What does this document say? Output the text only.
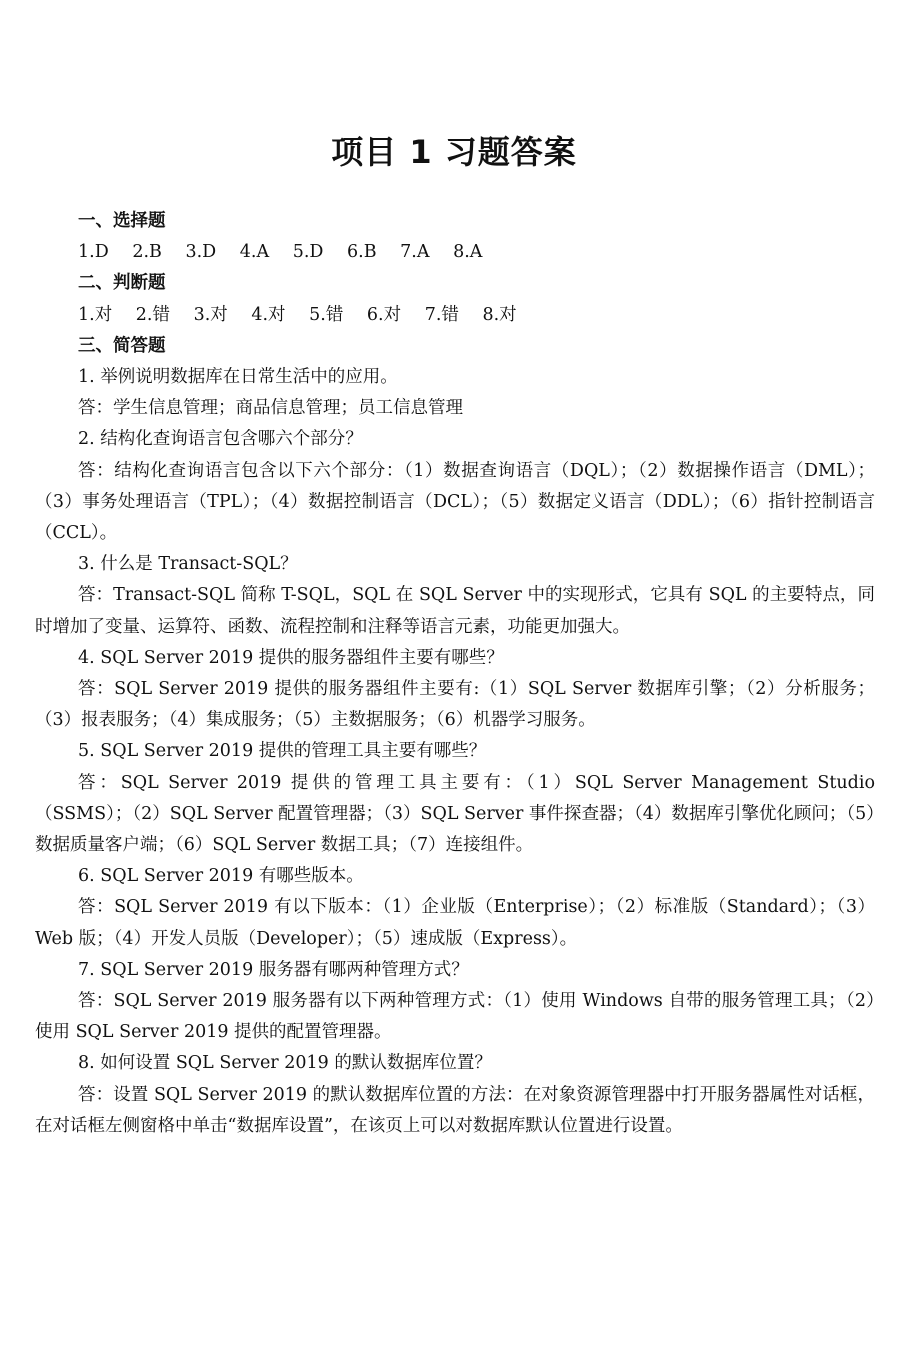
项目 1 习题答案

一、选择题

1.D 2.B 3.D 4.A 5.D 6.B 7.A 8.A

二、判断题

1.对 2.错 3.对 4.对 5.错 6.对 7.错 8.对

三、简答题

1. 举例说明数据库在日常生活中的应用。

答：学生信息管理；商品信息管理；员工信息管理

2. 结构化查询语言包含哪六个部分？

答：结构化查询语言包含以下六个部分：（1）数据查询语言（DQL）；（2）数据操作语言（DML）；（3）事务处理语言（TPL）；（4）数据控制语言（DCL）；（5）数据定义语言（DDL）；（6）指针控制语言（CCL）。

3. 什么是 Transact-SQL？

答：Transact-SQL 简称 T-SQL，SQL 在 SQL Server 中的实现形式，它具有 SQL 的主要特点，同时增加了变量、运算符、函数、流程控制和注释等语言元素，功能更加强大。

4. SQL Server 2019 提供的服务器组件主要有哪些？

答：SQL Server 2019 提供的服务器组件主要有:（1）SQL Server 数据库引擎；（2）分析服务；（3）报表服务；（4）集成服务；（5）主数据服务；（6）机器学习服务。

5. SQL Server 2019 提供的管理工具主要有哪些？

答：SQL Server 2019 提供的管理工具主要有：（1）SQL Server Management Studio（SSMS）；（2）SQL Server 配置管理器；（3）SQL Server 事件探查器；（4）数据库引擎优化顾问；（5）数据质量客户端；（6）SQL Server 数据工具；（7）连接组件。

6. SQL Server 2019 有哪些版本。

答：SQL Server 2019 有以下版本：（1）企业版（Enterprise）；（2）标准版（Standard）；（3）Web 版；（4）开发人员版（Developer）；（5）速成版（Express）。

7. SQL Server 2019 服务器有哪两种管理方式？

答：SQL Server 2019 服务器有以下两种管理方式：（1）使用 Windows 自带的服务管理工具；（2）使用 SQL Server 2019 提供的配置管理器。

8. 如何设置 SQL Server 2019 的默认数据库位置？

答：设置 SQL Server 2019 的默认数据库位置的方法：在对象资源管理器中打开服务器属性对话框，在对话框左侧窗格中单击“数据库设置”，在该页上可以对数据库默认位置进行设置。
